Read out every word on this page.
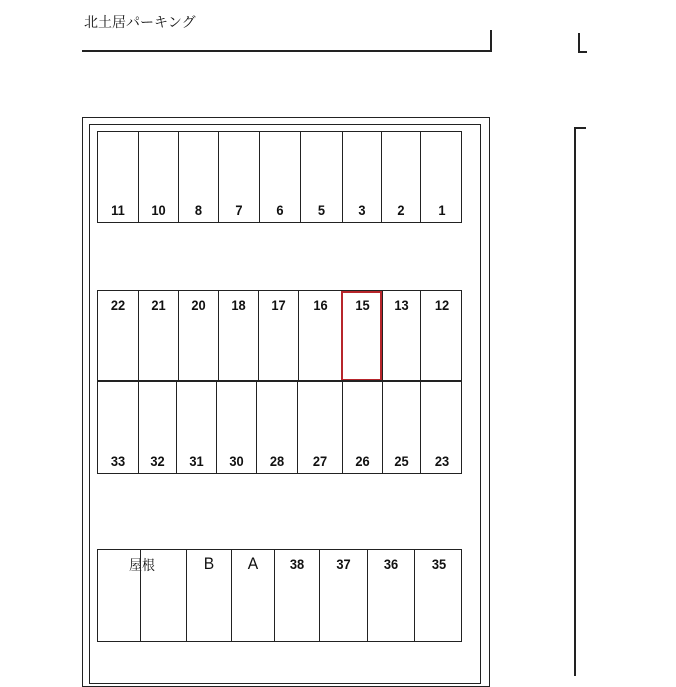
北土居パーキング
11	10	8	7	6	5	3	2	1
22	21	20	18	17	16	15	13	12
33	32	31	30	28	27	26	25	23
屋根	B	A	38	37	36	35
